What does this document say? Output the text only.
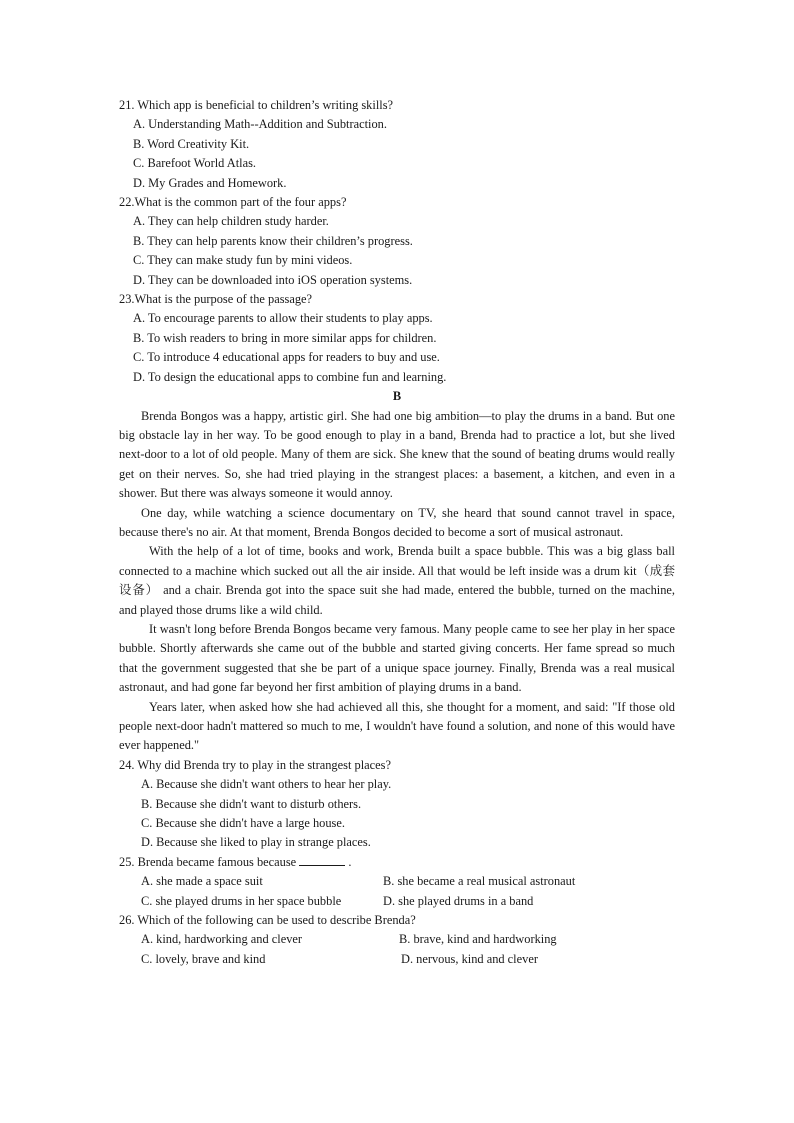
21. Which app is beneficial to children’s writing skills?

A. Understanding Math--Addition and Subtraction.

B. Word Creativity Kit.

C. Barefoot World Atlas.

D. My Grades and Homework.

22.What is the common part of the four apps?

A. They can help children study harder.

B. They can help parents know their children’s progress.

C. They can make study fun by mini videos.

D. They can be downloaded into iOS operation systems.

23.What is the purpose of the passage?

A. To encourage parents to allow their students to play apps.

B. To wish readers to bring in more similar apps for children.

C. To introduce 4 educational apps for readers to buy and use.

D. To design the educational apps to combine fun and learning.

B

Brenda Bongos was a happy, artistic girl. She had one big ambition—to play the drums in a band. But one big obstacle lay in her way. To be good enough to play in a band, Brenda had to practice a lot, but she lived next-door to a lot of old people. Many of them are sick. She knew that the sound of beating drums would really get on their nerves. So, she had tried playing in the strangest places: a basement, a kitchen, and even in a shower. But there was always someone it would annoy.

One day, while watching a science documentary on TV, she heard that sound cannot travel in space, because there's no air. At that moment, Brenda Bongos decided to become a sort of musical astronaut.

With the help of a lot of time, books and work, Brenda built a space bubble. This was a big glass ball connected to a machine which sucked out all the air inside. All that would be left inside was a drum kit（成套设备） and a chair. Brenda got into the space suit she had made, entered the bubble, turned on the machine, and played those drums like a wild child.

It wasn't long before Brenda Bongos became very famous. Many people came to see her play in her space bubble. Shortly afterwards she came out of the bubble and started giving concerts. Her fame spread so much that the government suggested that she be part of a unique space journey. Finally, Brenda was a real musical astronaut, and had gone far beyond her first ambition of playing drums in a band.

Years later, when asked how she had achieved all this, she thought for a moment, and said: "If those old people next-door hadn't mattered so much to me, I wouldn't have found a solution, and none of this would have ever happened."

24. Why did Brenda try to play in the strangest places?

A. Because she didn't want others to hear her play.

B. Because she didn't want to disturb others.

C. Because she didn't have a large house.

D. Because she liked to play in strange places.

25. Brenda became famous because	.

A. she made a space suit	B. she became a real musical astronaut
C. she played drums in her space bubble	D. she played drums in a band

26. Which of the following can be used to describe Brenda?

A. kind, hardworking and clever	B. brave, kind and hardworking
C. lovely, brave and kind	D. nervous, kind and clever
